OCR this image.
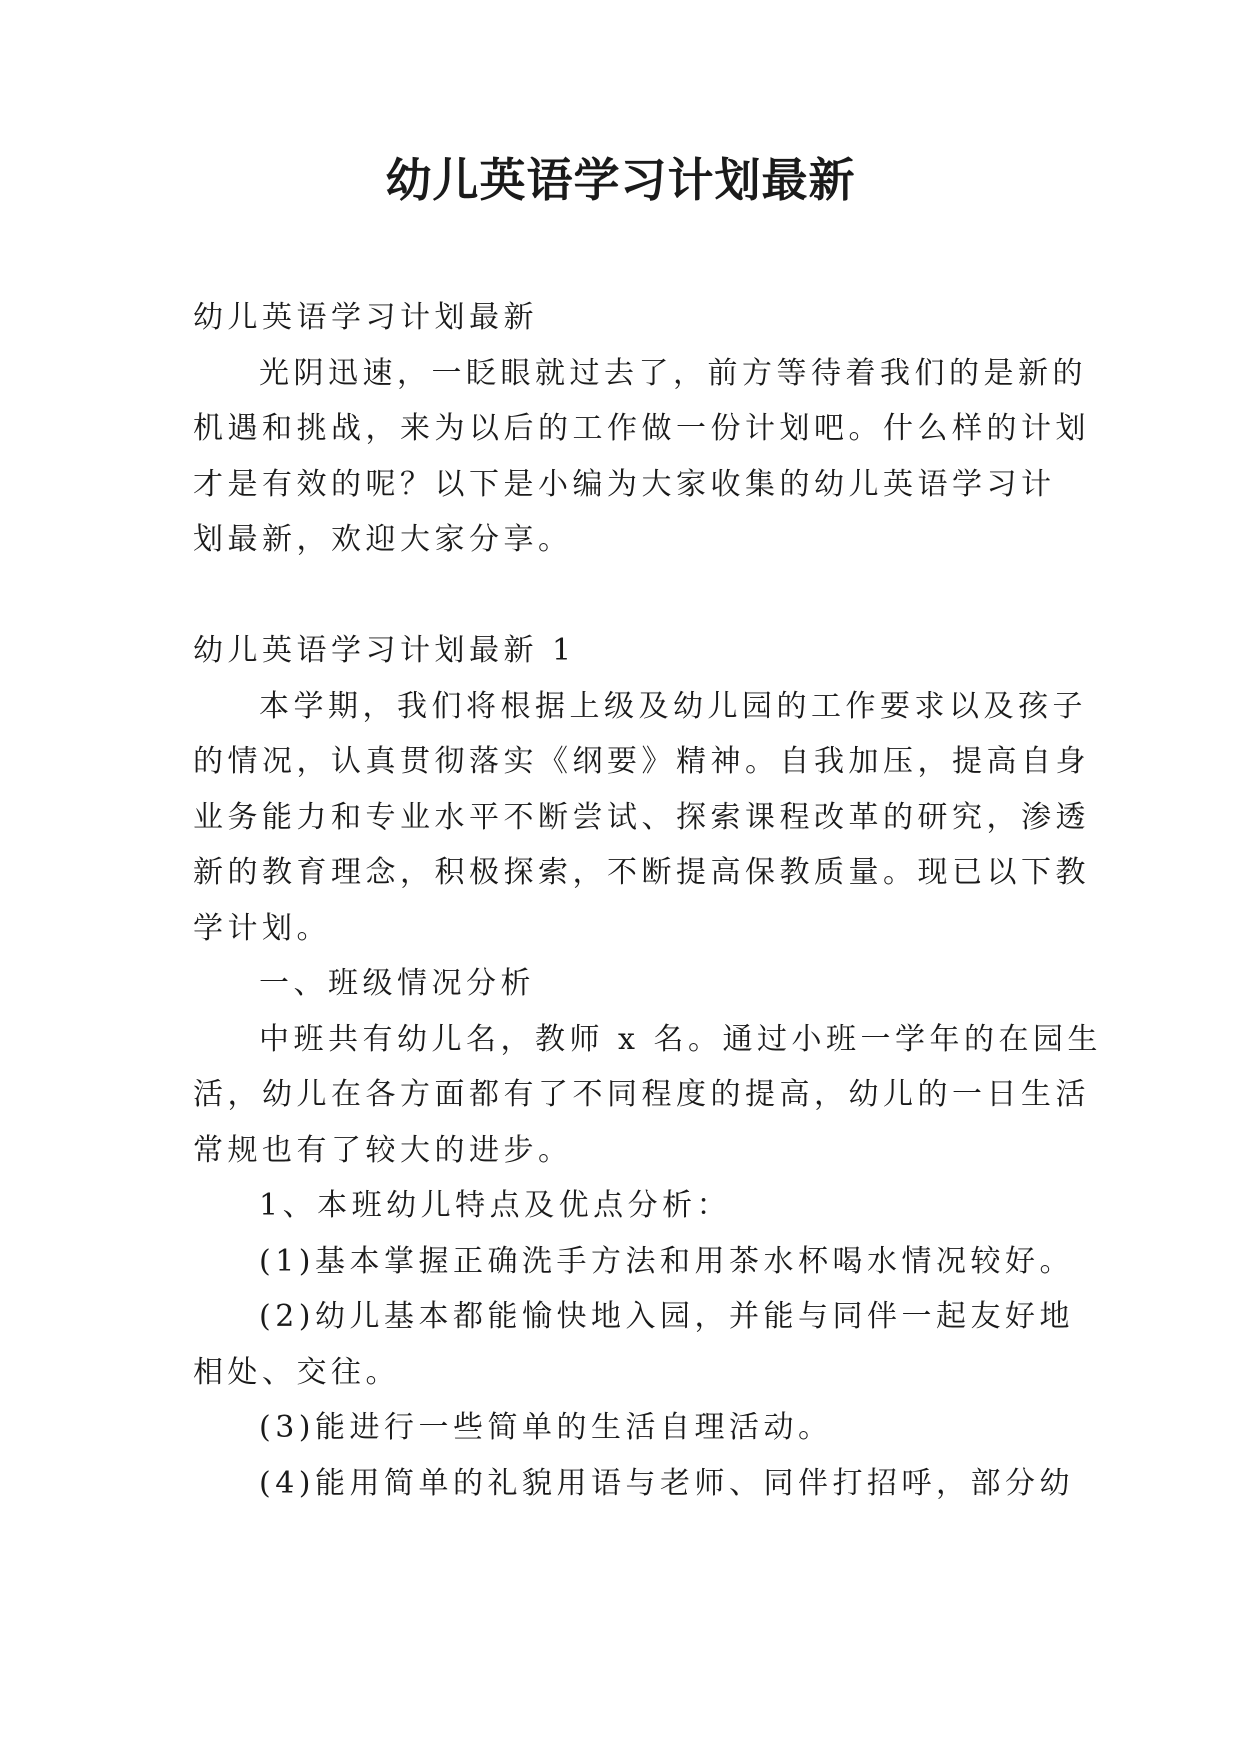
幼儿英语学习计划最新

幼儿英语学习计划最新

光阴迅速，一眨眼就过去了，前方等待着我们的是新的

机遇和挑战，来为以后的工作做一份计划吧。什么样的计划

才是有效的呢？以下是小编为大家收集的幼儿英语学习计

划最新，欢迎大家分享。

幼儿英语学习计划最新 1

本学期，我们将根据上级及幼儿园的工作要求以及孩子

的情况，认真贯彻落实《纲要》精神。自我加压，提高自身

业务能力和专业水平不断尝试、探索课程改革的研究，渗透

新的教育理念，积极探索，不断提高保教质量。现已以下教

学计划。

一、班级情况分析

中班共有幼儿名，教师 x 名。通过小班一学年的在园生

活，幼儿在各方面都有了不同程度的提高，幼儿的一日生活

常规也有了较大的进步。

1、本班幼儿特点及优点分析：

(1)基本掌握正确洗手方法和用茶水杯喝水情况较好。

(2)幼儿基本都能愉快地入园，并能与同伴一起友好地

相处、交往。

(3)能进行一些简单的生活自理活动。

(4)能用简单的礼貌用语与老师、同伴打招呼，部分幼
